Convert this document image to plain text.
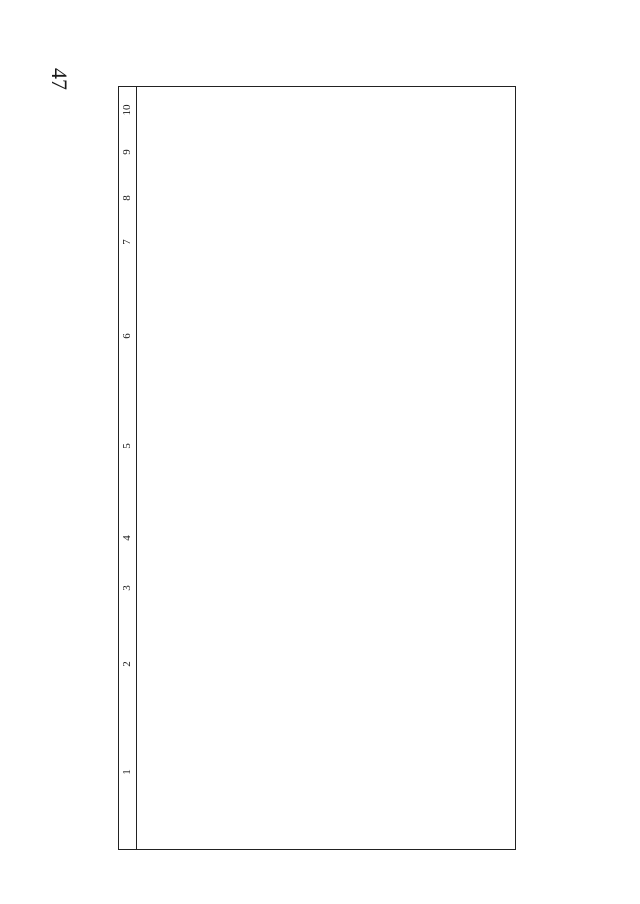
47
1
2
3
4
5
6
7
8
9
10
